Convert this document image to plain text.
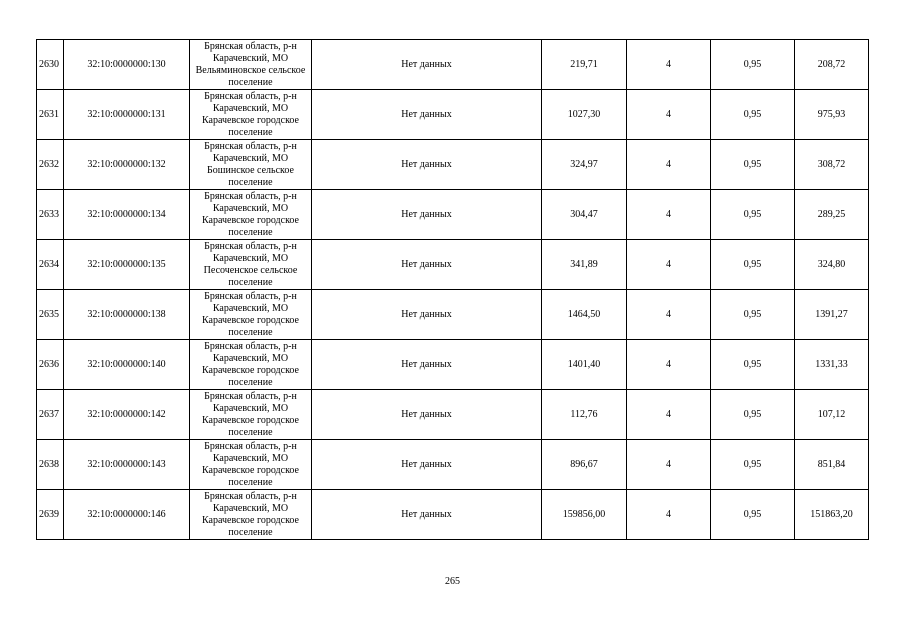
2630	32:10:0000000:130	Брянская область, р-н Карачевский, МО Вельяминовское сельское поселение	Нет данных	219,71	4	0,95	208,72
2631	32:10:0000000:131	Брянская область, р-н Карачевский, МО Карачевское городское поселение	Нет данных	1027,30	4	0,95	975,93
2632	32:10:0000000:132	Брянская область, р-н Карачевский, МО Бошинское сельское поселение	Нет данных	324,97	4	0,95	308,72
2633	32:10:0000000:134	Брянская область, р-н Карачевский, МО Карачевское городское поселение	Нет данных	304,47	4	0,95	289,25
2634	32:10:0000000:135	Брянская область, р-н Карачевский, МО Песоченское сельское поселение	Нет данных	341,89	4	0,95	324,80
2635	32:10:0000000:138	Брянская область, р-н Карачевский, МО Карачевское городское поселение	Нет данных	1464,50	4	0,95	1391,27
2636	32:10:0000000:140	Брянская область, р-н Карачевский, МО Карачевское городское поселение	Нет данных	1401,40	4	0,95	1331,33
2637	32:10:0000000:142	Брянская область, р-н Карачевский, МО Карачевское городское поселение	Нет данных	112,76	4	0,95	107,12
2638	32:10:0000000:143	Брянская область, р-н Карачевский, МО Карачевское городское поселение	Нет данных	896,67	4	0,95	851,84
2639	32:10:0000000:146	Брянская область, р-н Карачевский, МО Карачевское городское поселение	Нет данных	159856,00	4	0,95	151863,20
265
